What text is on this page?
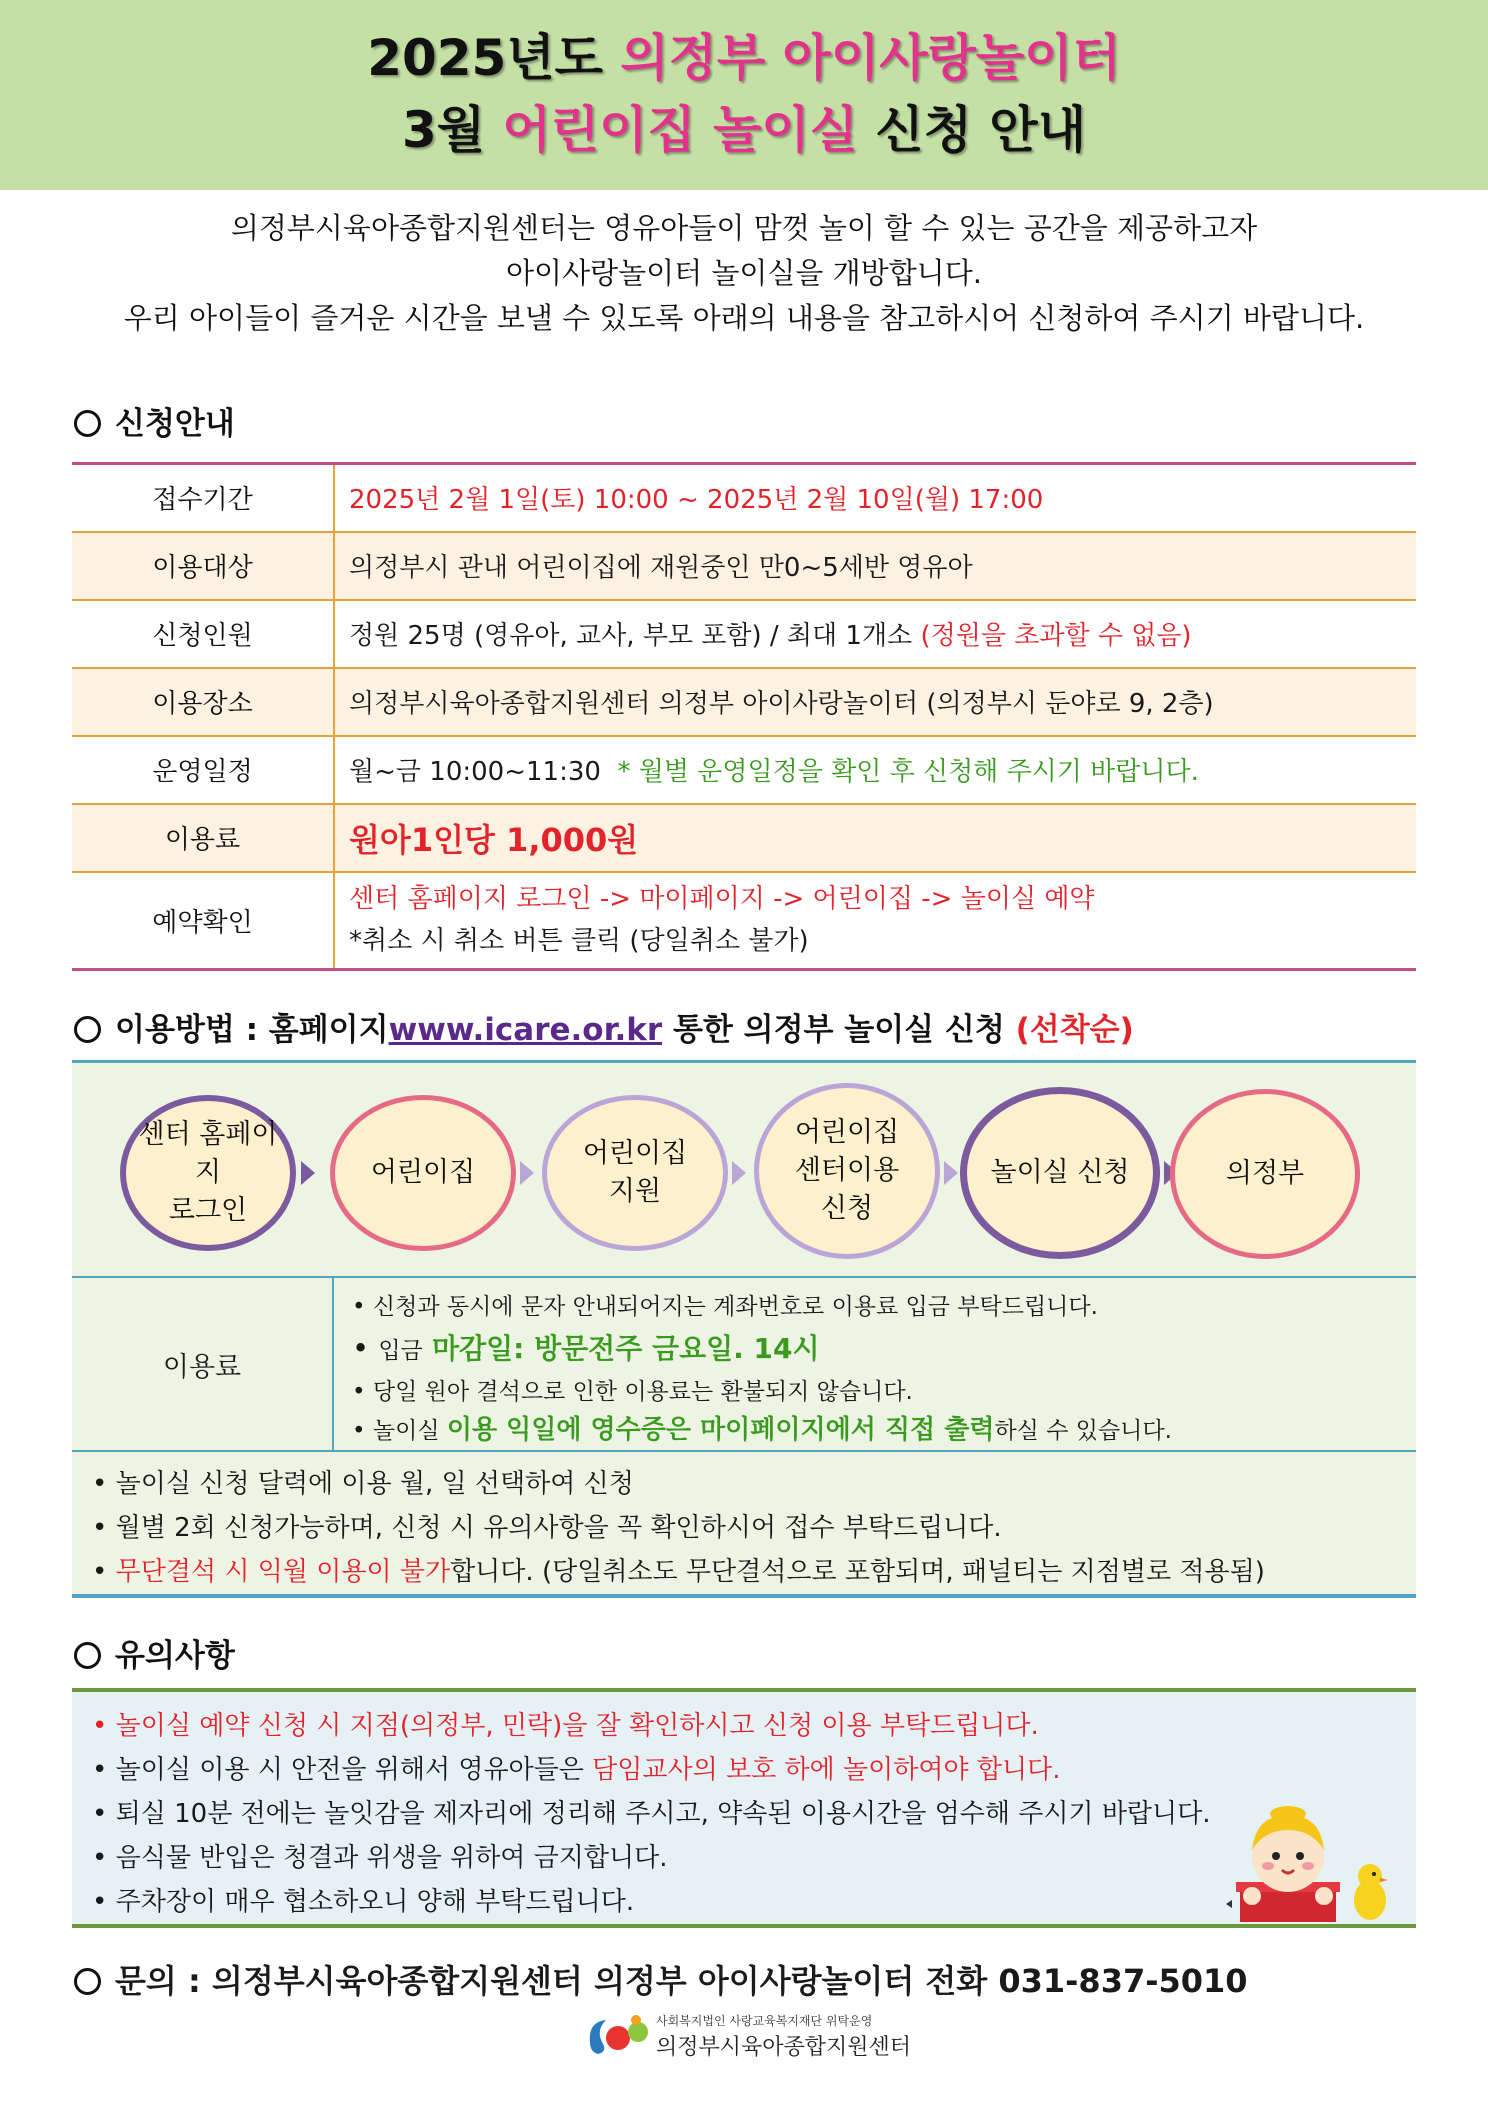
2025년도 의정부 아이사랑놀이터
3월 어린이집 놀이실 신청 안내
의정부시육아종합지원센터는 영유아들이 맘껏 놀이 할 수 있는 공간을 제공하고자
아이사랑놀이터 놀이실을 개방합니다.
우리 아이들이 즐거운 시간을 보낼 수 있도록 아래의 내용을 참고하시어 신청하여 주시기 바랍니다.
신청안내
접수기간	2025년 2월 1일(토) 10:00 ~ 2025년 2월 10일(월) 17:00
이용대상	의정부시 관내 어린이집에 재원중인 만0~5세반 영유아
신청인원	정원 25명 (영유아, 교사, 부모 포함) / 최대 1개소 (정원을 초과할 수 없음)
이용장소	의정부시육아종합지원센터 의정부 아이사랑놀이터 (의정부시 둔야로 9, 2층)
운영일정	월~금 10:00~11:30 * 월별 운영일정을 확인 후 신청해 주시기 바랍니다.
이용료	원아1인당 1,000원
예약확인	센터 홈페이지 로그인 -> 마이페이지 -> 어린이집 -> 놀이실 예약
*취소 시 취소 버튼 클릭 (당일취소 불가)
이용방법 : 홈페이지www.icare.or.kr 통한 의정부 놀이실 신청 (선착순)
센터 홈페이지
로그인
어린이집
어린이집
지원
어린이집
센터이용
신청
놀이실 신청	의정부
이용료
• 신청과 동시에 문자 안내되어지는 계좌번호로 이용료 입금 부탁드립니다.
• 입금 마감일: 방문전주 금요일. 14시
• 당일 원아 결석으로 인한 이용료는 환불되지 않습니다.
• 놀이실 이용 익일에 영수증은 마이페이지에서 직접 출력하실 수 있습니다.
• 놀이실 신청 달력에 이용 월, 일 선택하여 신청
• 월별 2회 신청가능하며, 신청 시 유의사항을 꼭 확인하시어 접수 부탁드립니다.
• 무단결석 시 익월 이용이 불가합니다. (당일취소도 무단결석으로 포함되며, 패널티는 지점별로 적용됨)
유의사항
• 놀이실 예약 신청 시 지점(의정부, 민락)을 잘 확인하시고 신청 이용 부탁드립니다.
• 놀이실 이용 시 안전을 위해서 영유아들은 담임교사의 보호 하에 놀이하여야 합니다.
• 퇴실 10분 전에는 놀잇감을 제자리에 정리해 주시고, 약속된 이용시간을 엄수해 주시기 바랍니다.
• 음식물 반입은 청결과 위생을 위하여 금지합니다.
• 주차장이 매우 협소하오니 양해 부탁드립니다.
문의 : 의정부시육아종합지원센터 의정부 아이사랑놀이터 전화 031-837-5010
사회복지법인 사랑교육복지재단 위탁운영
의정부시육아종합지원센터
